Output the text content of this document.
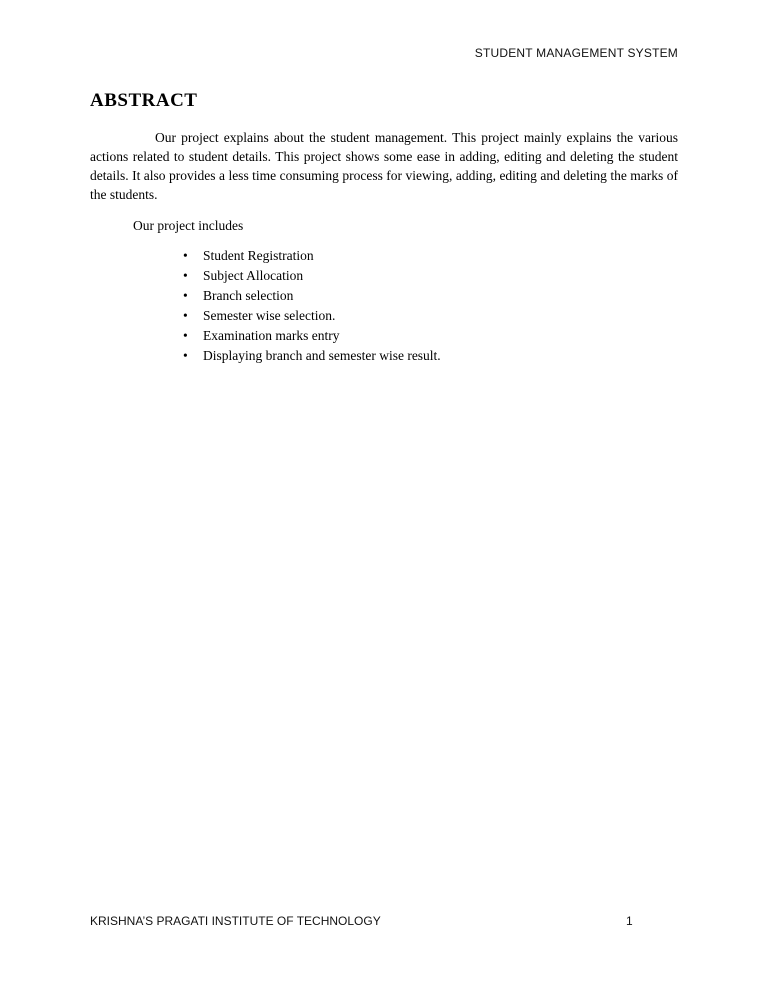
STUDENT MANAGEMENT SYSTEM
ABSTRACT

Our project explains about the student management. This project mainly explains the various actions related to student details. This project shows some ease in adding, editing and deleting the student details. It also provides a less time consuming process for viewing, adding, editing and deleting the marks of the students.

Our project includes

•
Student Registration
•
Subject Allocation
•
Branch selection
•
Semester wise selection.
•
Examination marks entry
•
Displaying branch and semester wise result.
KRISHNA’S PRAGATI INSTITUTE OF TECHNOLOGY	1
